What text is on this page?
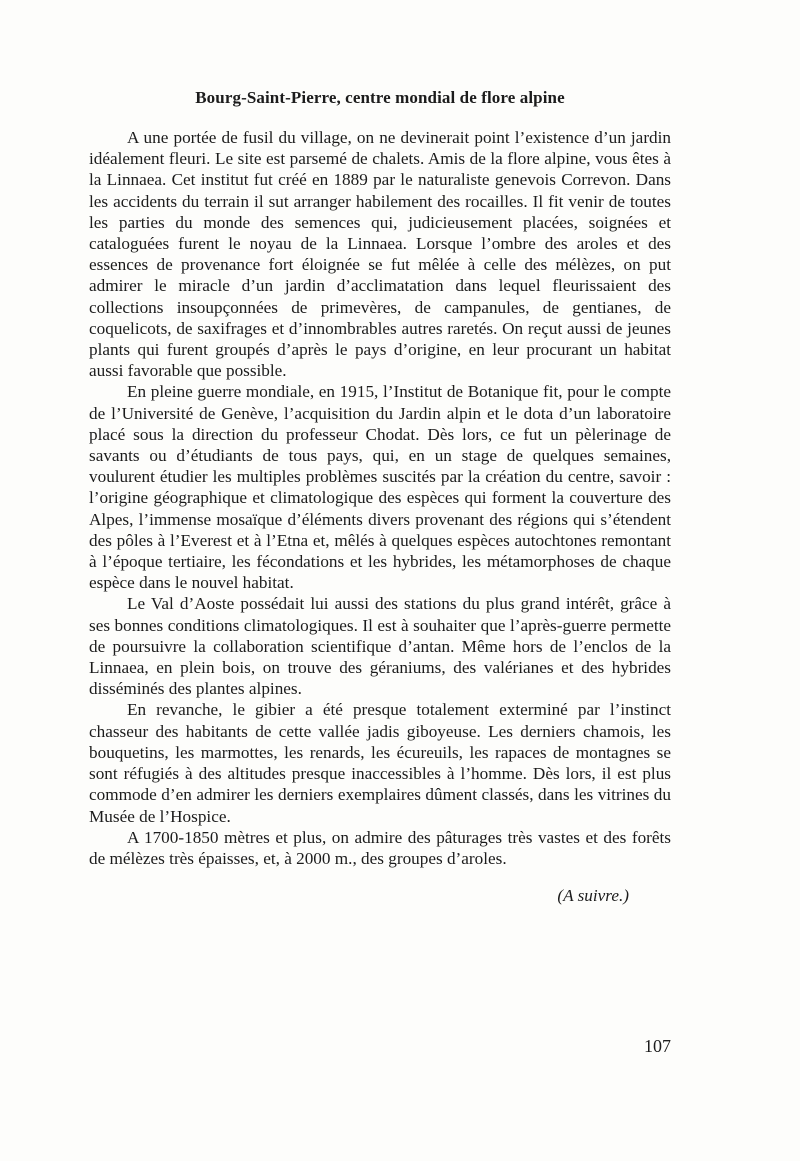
Bourg-Saint-Pierre, centre mondial de flore alpine

A une portée de fusil du village, on ne devinerait point l’existence d’un jardin idéalement fleuri. Le site est parsemé de chalets. Amis de la flore alpine, vous êtes à la Linnaea. Cet institut fut créé en 1889 par le naturaliste genevois Correvon. Dans les accidents du terrain il sut arranger habilement des rocailles. Il fit venir de toutes les parties du monde des semences qui, judicieusement placées, soignées et cataloguées furent le noyau de la Linnaea. Lorsque l’ombre des aroles et des essences de provenance fort éloignée se fut mêlée à celle des mélèzes, on put admirer le miracle d’un jardin d’acclimatation dans lequel fleurissaient des collections insoupçonnées de primevères, de campanules, de gentianes, de coquelicots, de saxifrages et d’innombrables autres raretés. On reçut aussi de jeunes plants qui furent groupés d’après le pays d’origine, en leur procurant un habitat aussi favorable que possible.

En pleine guerre mondiale, en 1915, l’Institut de Botanique fit, pour le compte de l’Université de Genève, l’acquisition du Jardin alpin et le dota d’un laboratoire placé sous la direction du professeur Chodat. Dès lors, ce fut un pèlerinage de savants ou d’étudiants de tous pays, qui, en un stage de quelques semaines, voulurent étudier les multiples problèmes suscités par la création du centre, savoir : l’origine géographique et climatologique des espèces qui forment la couverture des Alpes, l’immense mosaïque d’éléments divers provenant des régions qui s’étendent des pôles à l’Everest et à l’Etna et, mêlés à quelques espèces autochtones remontant à l’époque tertiaire, les fécondations et les hybrides, les métamorphoses de chaque espèce dans le nouvel habitat.

Le Val d’Aoste possédait lui aussi des stations du plus grand intérêt, grâce à ses bonnes conditions climatologiques. Il est à souhaiter que l’après-guerre permette de poursuivre la collaboration scientifique d’antan. Même hors de l’enclos de la Linnaea, en plein bois, on trouve des géraniums, des valérianes et des hybrides disséminés des plantes alpines.

En revanche, le gibier a été presque totalement exterminé par l’instinct chasseur des habitants de cette vallée jadis giboyeuse. Les derniers chamois, les bouquetins, les marmottes, les renards, les écureuils, les rapaces de montagnes se sont réfugiés à des altitudes presque inaccessibles à l’homme. Dès lors, il est plus commode d’en admirer les derniers exemplaires dûment classés, dans les vitrines du Musée de l’Hospice.

A 1700-1850 mètres et plus, on admire des pâturages très vastes et des forêts de mélèzes très épaisses, et, à 2000 m., des groupes d’aroles.

(A suivre.)

107
